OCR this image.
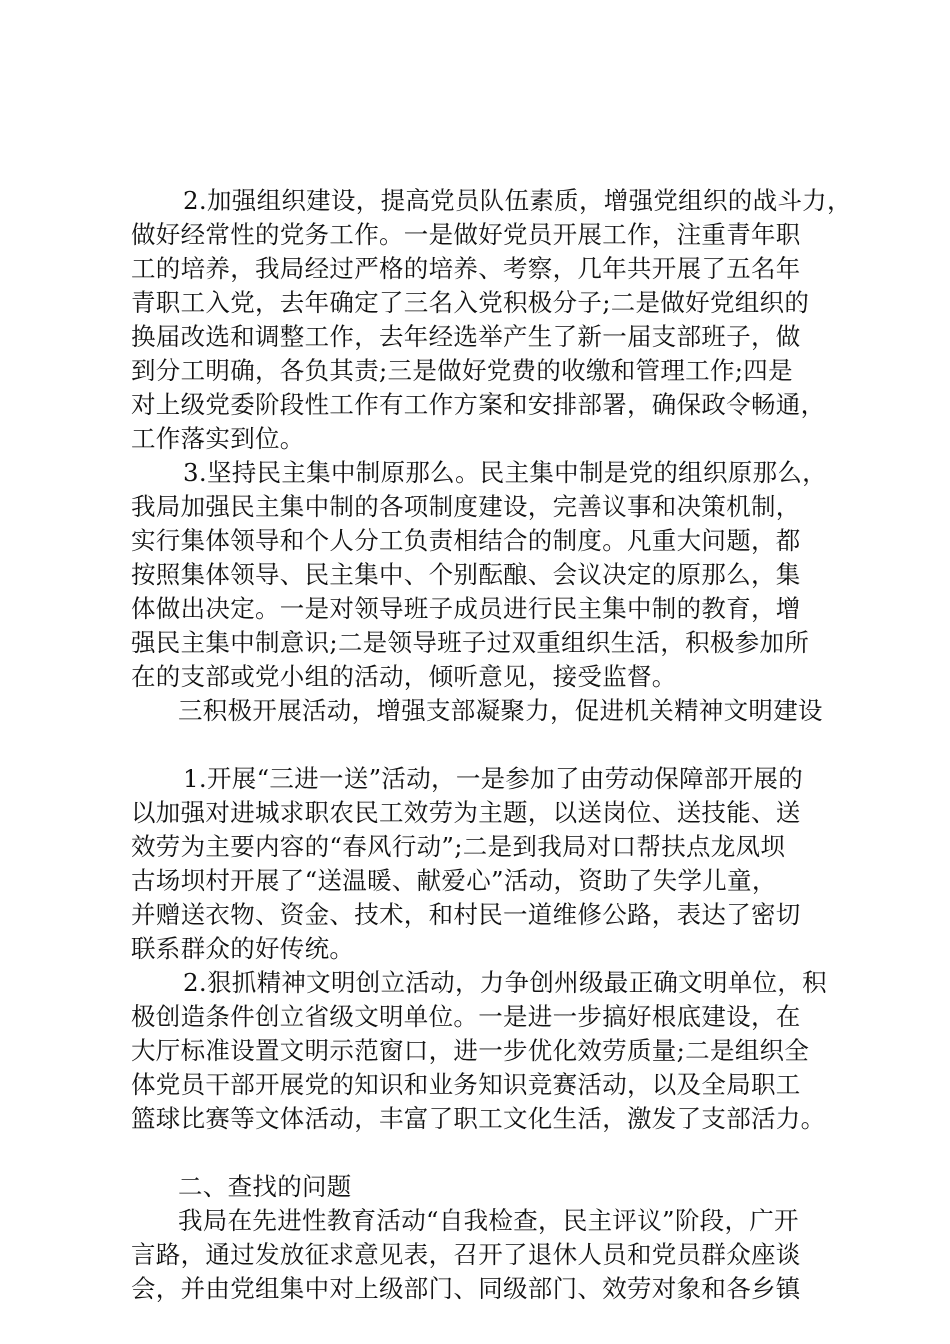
2.加强组织建设，提高党员队伍素质，增强党组织的战斗力，
做好经常性的党务工作。一是做好党员开展工作，注重青年职
工的培养，我局经过严格的培养、考察，几年共开展了五名年
青职工入党，去年确定了三名入党积极分子;二是做好党组织的
换届改选和调整工作，去年经选举产生了新一届支部班子，做
到分工明确，各负其责;三是做好党费的收缴和管理工作;四是
对上级党委阶段性工作有工作方案和安排部署，确保政令畅通，
工作落实到位。
3.坚持民主集中制原那么。民主集中制是党的组织原那么，
我局加强民主集中制的各项制度建设，完善议事和决策机制，
实行集体领导和个人分工负责相结合的制度。凡重大问题，都
按照集体领导、民主集中、个别酝酿、会议决定的原那么，集
体做出决定。一是对领导班子成员进行民主集中制的教育，增
强民主集中制意识;二是领导班子过双重组织生活，积极参加所
在的支部或党小组的活动，倾听意见，接受监督。
三积极开展活动，增强支部凝聚力，促进机关精神文明建设
1.开展“三进一送”活动，一是参加了由劳动保障部开展的
以加强对进城求职农民工效劳为主题，以送岗位、送技能、送
效劳为主要内容的“春风行动”;二是到我局对口帮扶点龙凤坝
古场坝村开展了“送温暖、献爱心”活动，资助了失学儿童，
并赠送衣物、资金、技术，和村民一道维修公路，表达了密切
联系群众的好传统。
2.狠抓精神文明创立活动，力争创州级最正确文明单位，积
极创造条件创立省级文明单位。一是进一步搞好根底建设，在
大厅标准设置文明示范窗口，进一步优化效劳质量;二是组织全
体党员干部开展党的知识和业务知识竞赛活动，以及全局职工
篮球比赛等文体活动，丰富了职工文化生活，激发了支部活力。
二、查找的问题
我局在先进性教育活动“自我检查，民主评议”阶段，广开
言路，通过发放征求意见表，召开了退休人员和党员群众座谈
会，并由党组集中对上级部门、同级部门、效劳对象和各乡镇
